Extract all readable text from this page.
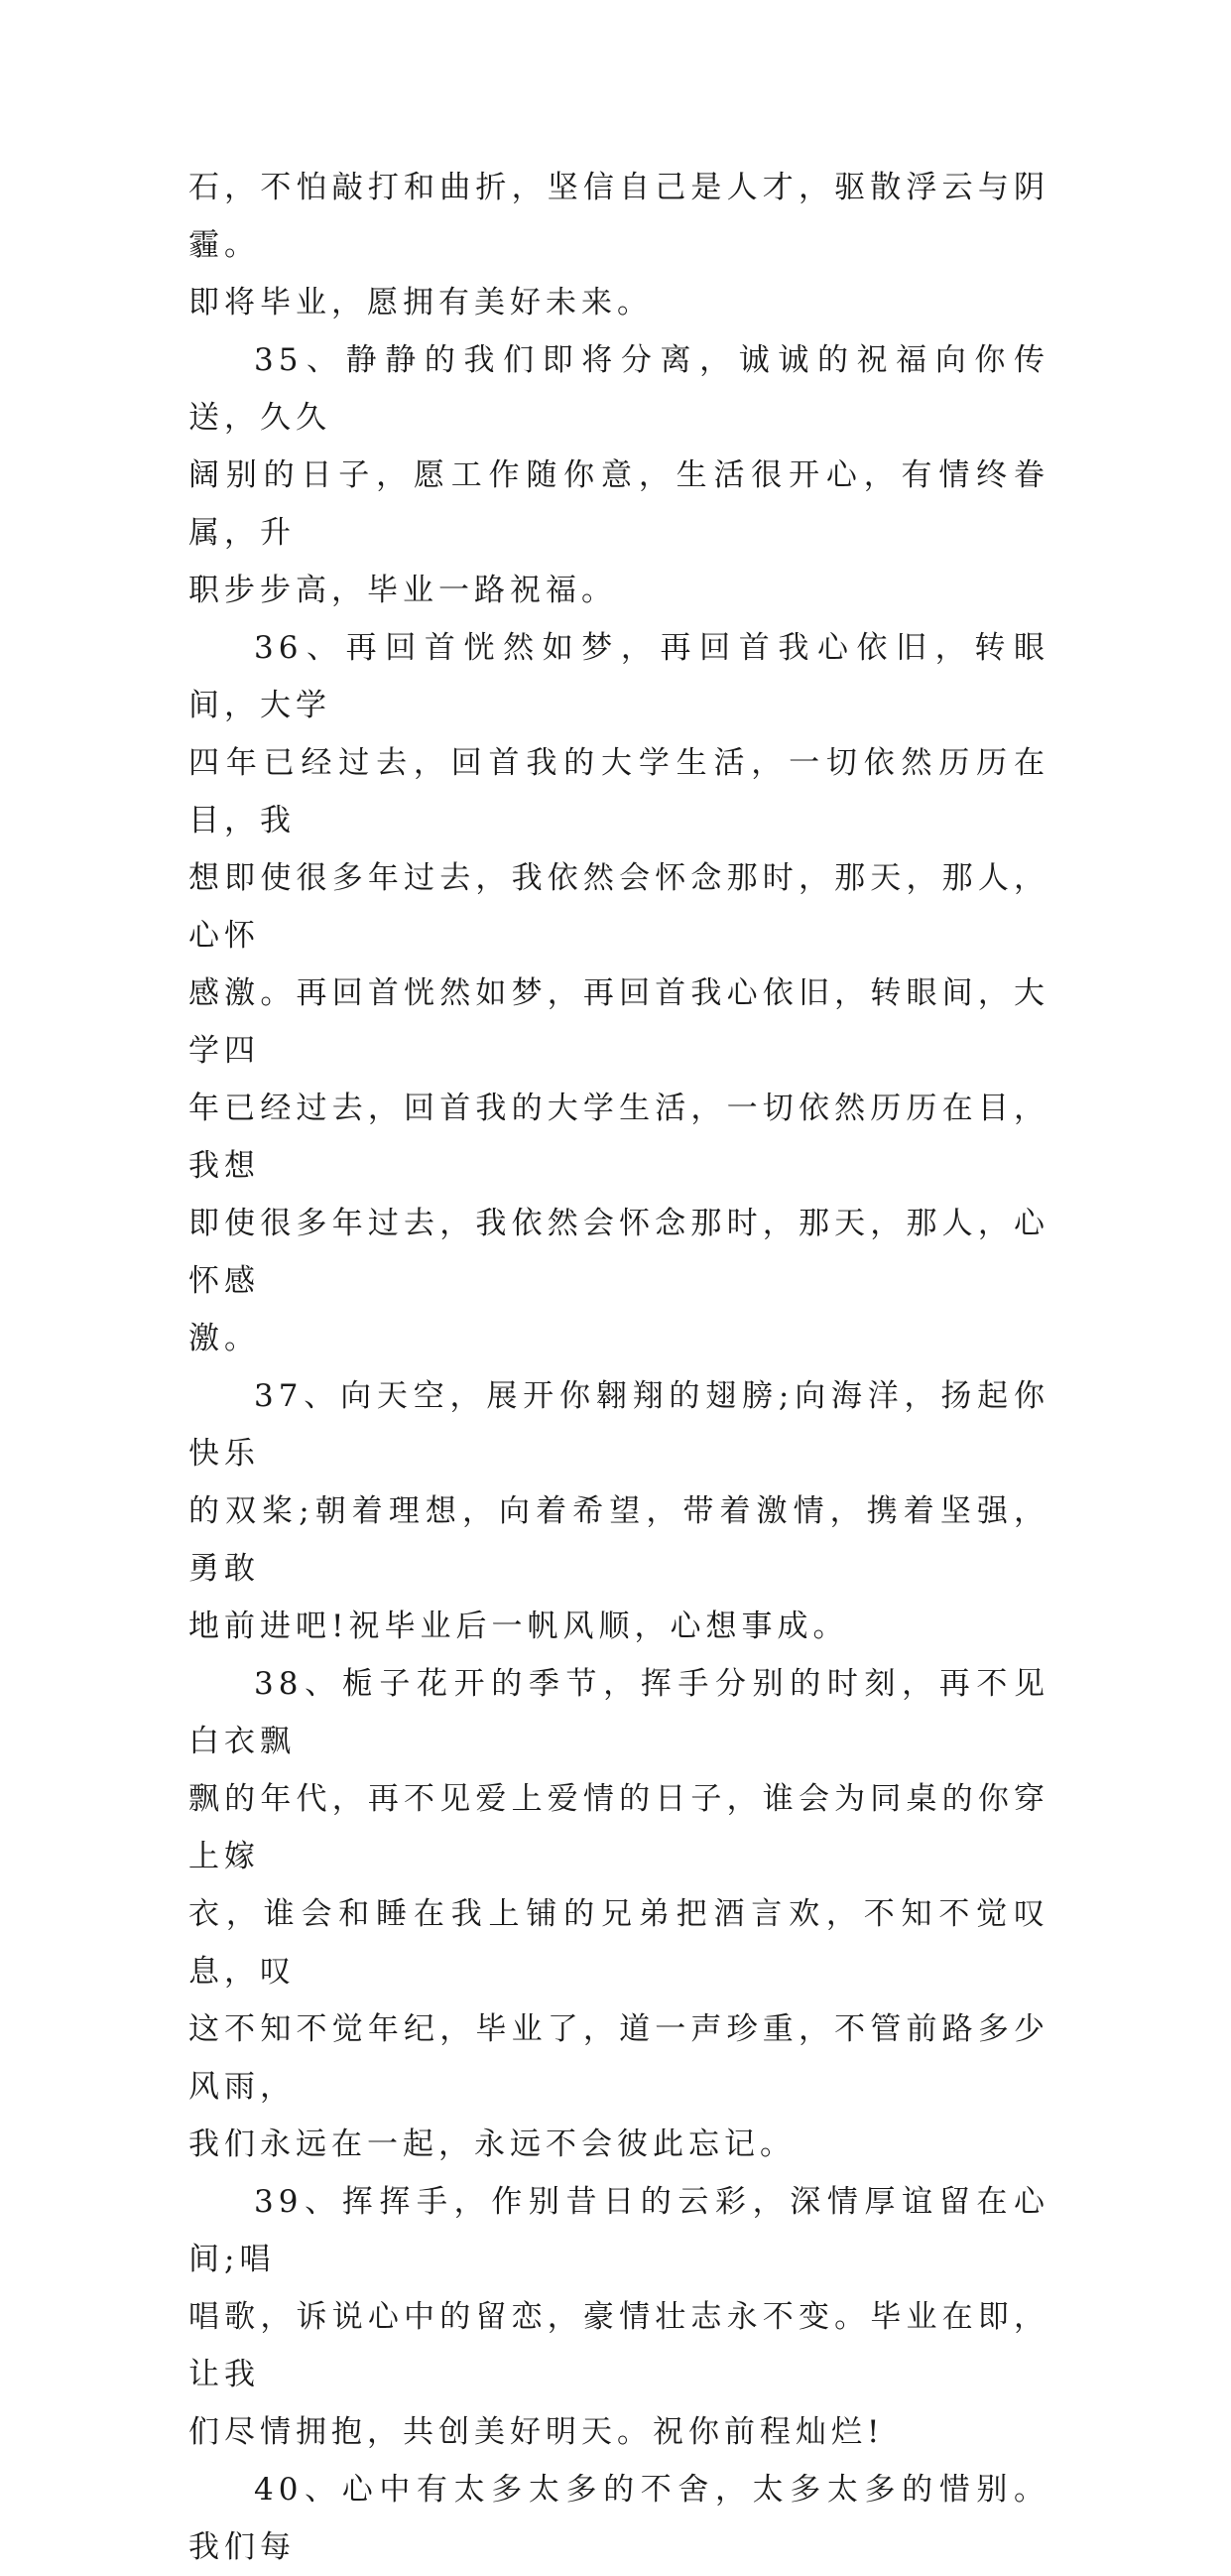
石，不怕敲打和曲折，坚信自己是人才，驱散浮云与阴霾。
即将毕业，愿拥有美好未来。

35、静静的我们即将分离，诚诚的祝福向你传送，久久
阔别的日子，愿工作随你意，生活很开心，有情终眷属，升
职步步高，毕业一路祝福。

36、再回首恍然如梦，再回首我心依旧，转眼间，大学
四年已经过去，回首我的大学生活，一切依然历历在目，我
想即使很多年过去，我依然会怀念那时，那天，那人，心怀
感激。再回首恍然如梦，再回首我心依旧，转眼间，大学四
年已经过去，回首我的大学生活，一切依然历历在目，我想
即使很多年过去，我依然会怀念那时，那天，那人，心怀感
激。

37、向天空，展开你翱翔的翅膀;向海洋，扬起你快乐
的双桨;朝着理想，向着希望，带着激情，携着坚强，勇敢
地前进吧!祝毕业后一帆风顺，心想事成。

38、栀子花开的季节，挥手分别的时刻，再不见白衣飘
飘的年代，再不见爱上爱情的日子，谁会为同桌的你穿上嫁
衣，谁会和睡在我上铺的兄弟把酒言欢，不知不觉叹息，叹
这不知不觉年纪，毕业了，道一声珍重，不管前路多少风雨，
我们永远在一起，永远不会彼此忘记。

39、挥挥手，作别昔日的云彩，深情厚谊留在心间;唱
唱歌，诉说心中的留恋，豪情壮志永不变。毕业在即，让我
们尽情拥抱，共创美好明天。祝你前程灿烂!

40、心中有太多太多的不舍，太多太多的惜别。我们每
